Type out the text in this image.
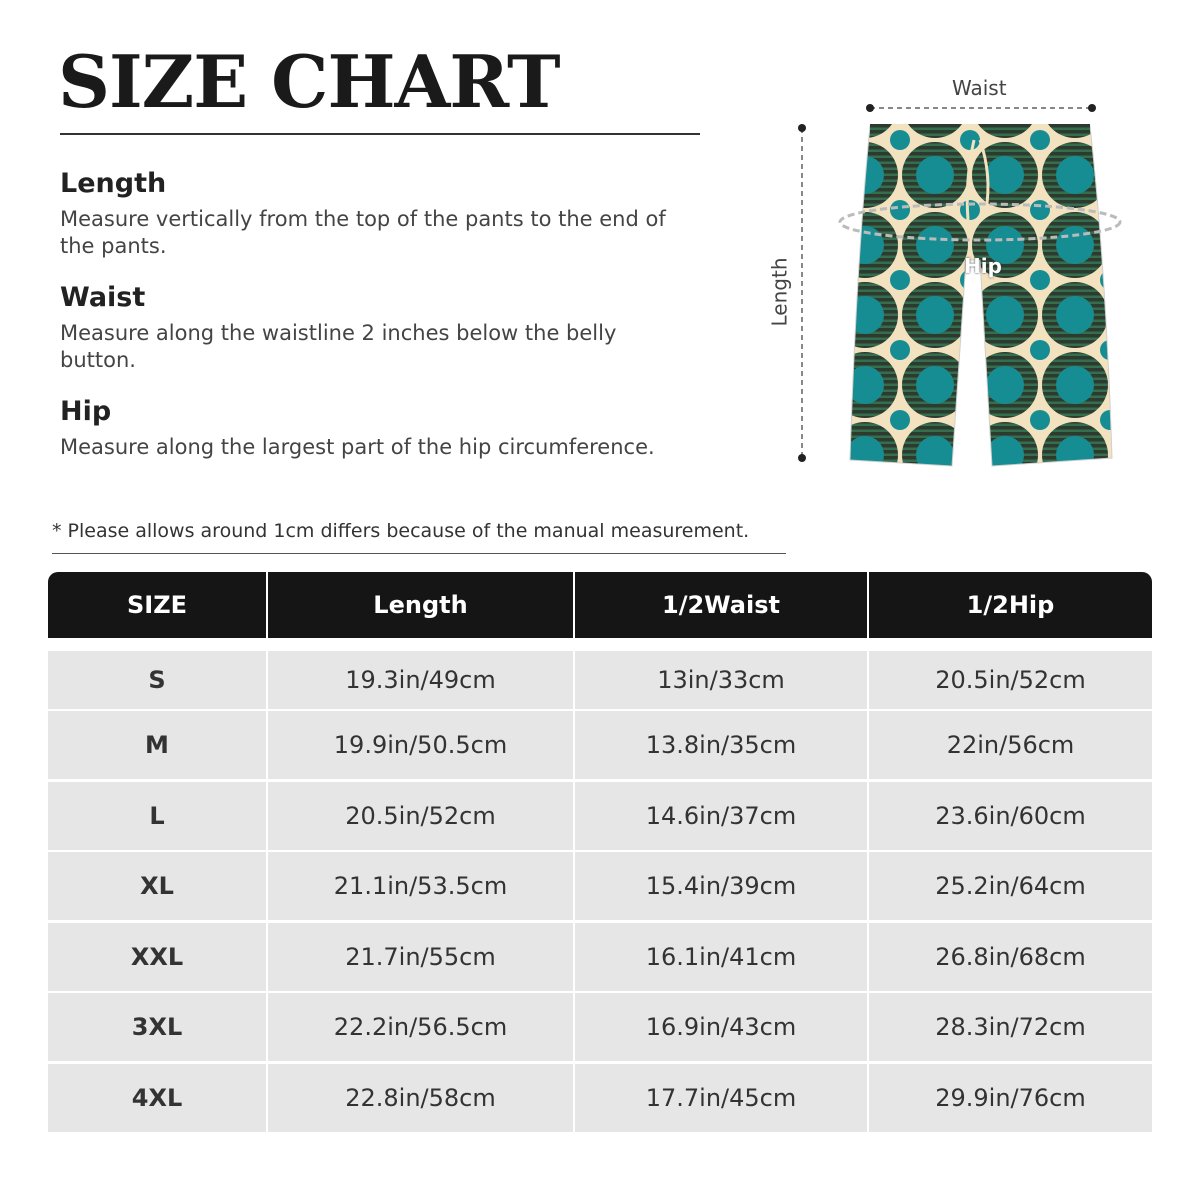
SIZE CHART
Length

Measure vertically from the top of the pants to the end of the pants.

Waist

Measure along the waistline 2 inches below the belly button.

Hip

Measure along the largest part of the hip circumference.

* Please allows around 1cm differs because of the manual measurement.
Waist
Hip
Length
SIZE	Length	1/2Waist	1/2Hip
S	19.3in/49cm	13in/33cm	20.5in/52cm
M	19.9in/50.5cm	13.8in/35cm	22in/56cm
L	20.5in/52cm	14.6in/37cm	23.6in/60cm
XL	21.1in/53.5cm	15.4in/39cm	25.2in/64cm
XXL	21.7in/55cm	16.1in/41cm	26.8in/68cm
3XL	22.2in/56.5cm	16.9in/43cm	28.3in/72cm
4XL	22.8in/58cm	17.7in/45cm	29.9in/76cm
